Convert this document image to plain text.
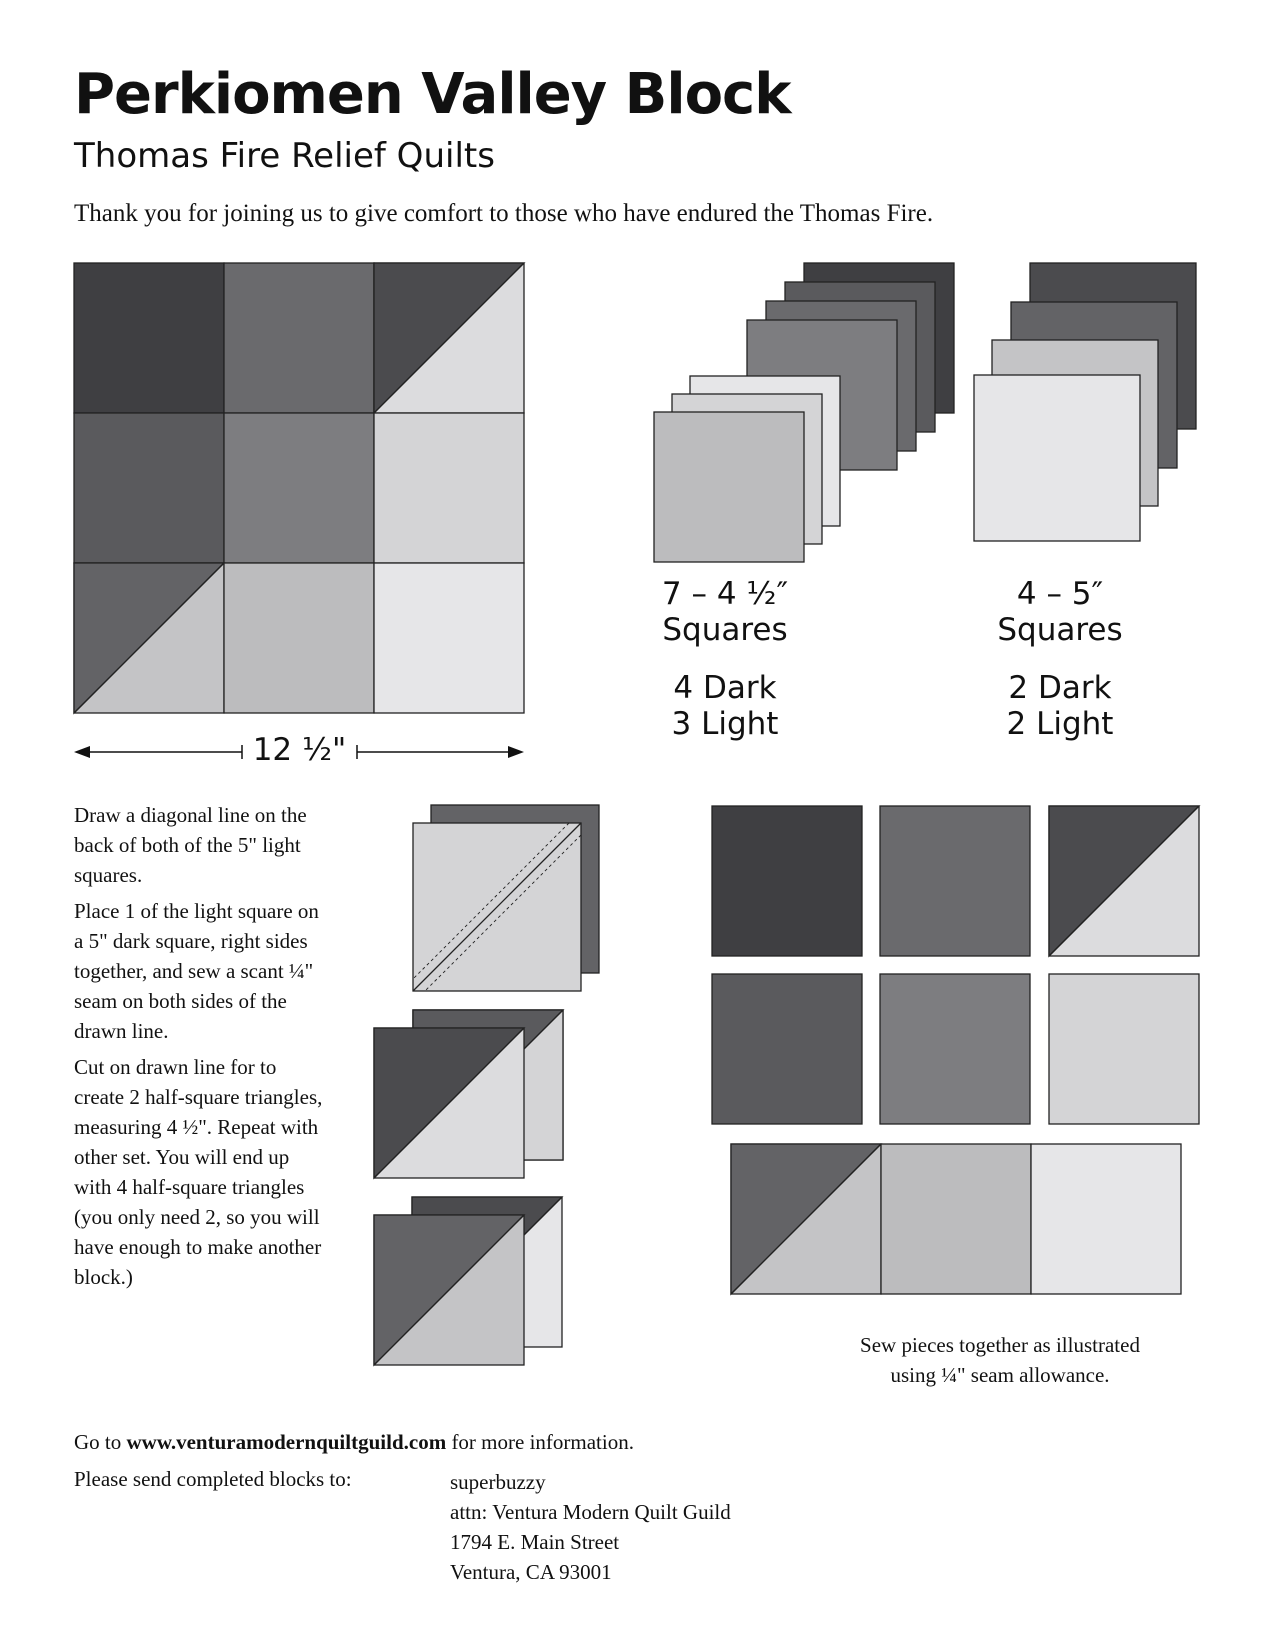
Perkiomen Valley Block
Thomas Fire Relief Quilts
Thank you for joining us to give comfort to those who have endured the Thomas Fire.
12 ½"
7 – 4 ½″
Squares
4 Dark
3 Light
4 – 5″
Squares
2 Dark
2 Light

Draw a diagonal line on the back of both of the 5" light squares.

Place 1 of the light square on a 5" dark square, right sides together, and sew a scant ¼" seam on both sides of the drawn line.

Cut on drawn line for to create 2 half-square triangles, measuring 4 ½". Repeat with other set. You will end up with 4 half-square triangles (you only need 2, so you will have enough to make another block.)

Sew pieces together as illustrated
using ¼" seam allowance.
Go to www.venturamodernquiltguild.com for more information.
Please send completed blocks to:	superbuzzy
attn: Ventura Modern Quilt Guild
1794 E. Main Street
Ventura, CA 93001
